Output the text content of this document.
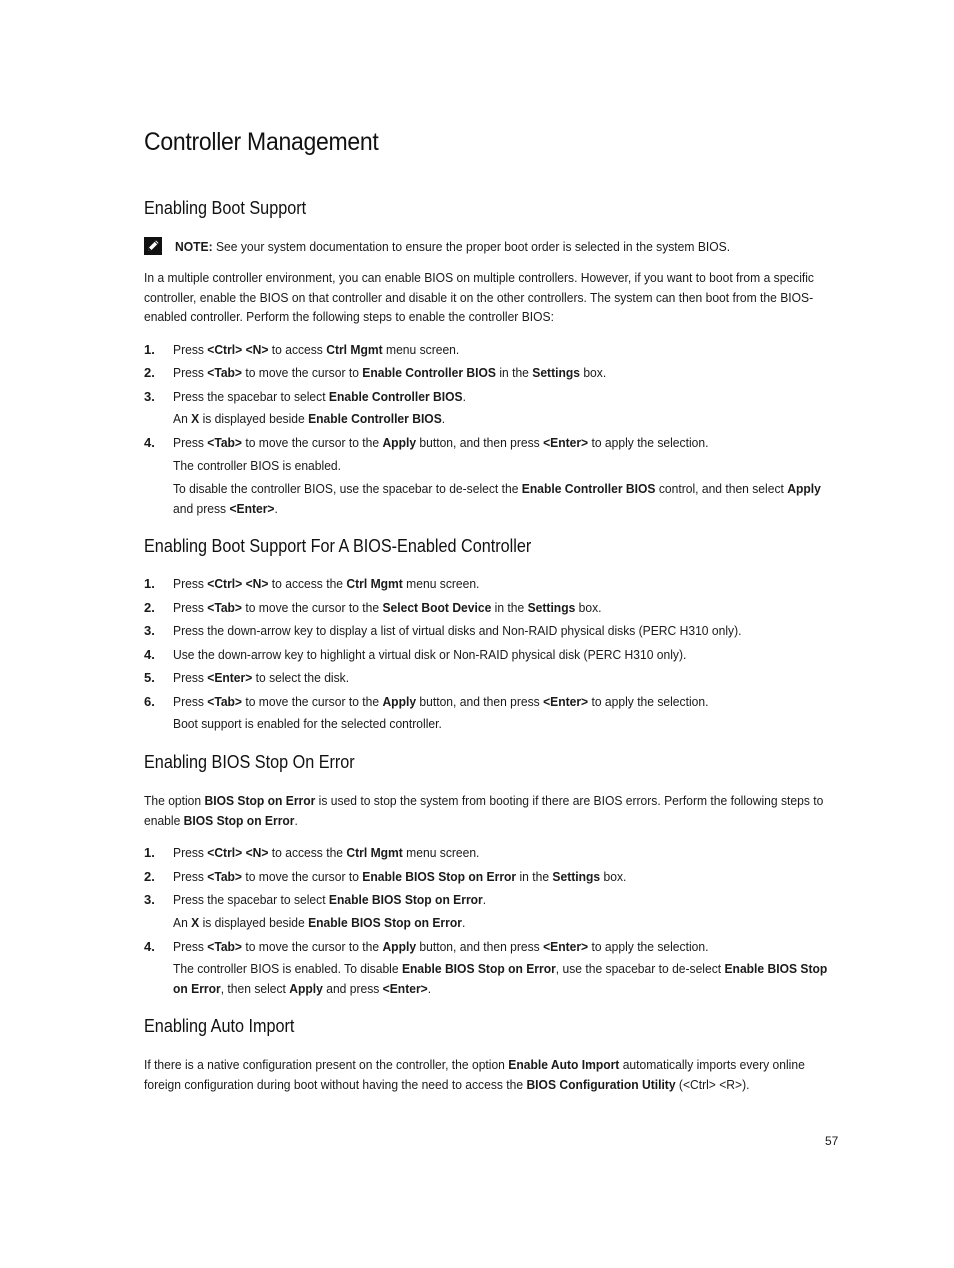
Controller Management
Enabling Boot Support
NOTE: See your system documentation to ensure the proper boot order is selected in the system BIOS.
In a multiple controller environment, you can enable BIOS on multiple controllers. However, if you want to boot from a specific controller, enable the BIOS on that controller and disable it on the other controllers. The system can then boot from the BIOS-enabled controller. Perform the following steps to enable the controller BIOS:
1. Press <Ctrl> <N> to access Ctrl Mgmt menu screen.
2. Press <Tab> to move the cursor to Enable Controller BIOS in the Settings box.
3. Press the spacebar to select Enable Controller BIOS.
An X is displayed beside Enable Controller BIOS.
4. Press <Tab> to move the cursor to the Apply button, and then press <Enter> to apply the selection.
The controller BIOS is enabled.
To disable the controller BIOS, use the spacebar to de-select the Enable Controller BIOS control, and then select Apply and press <Enter>.
Enabling Boot Support For A BIOS-Enabled Controller
1. Press <Ctrl> <N> to access the Ctrl Mgmt menu screen.
2. Press <Tab> to move the cursor to the Select Boot Device in the Settings box.
3. Press the down-arrow key to display a list of virtual disks and Non-RAID physical disks (PERC H310 only).
4. Use the down-arrow key to highlight a virtual disk or Non-RAID physical disk (PERC H310 only).
5. Press <Enter> to select the disk.
6. Press <Tab> to move the cursor to the Apply button, and then press <Enter> to apply the selection.
Boot support is enabled for the selected controller.
Enabling BIOS Stop On Error
The option BIOS Stop on Error is used to stop the system from booting if there are BIOS errors. Perform the following steps to enable BIOS Stop on Error.
1. Press <Ctrl> <N> to access the Ctrl Mgmt menu screen.
2. Press <Tab> to move the cursor to Enable BIOS Stop on Error in the Settings box.
3. Press the spacebar to select Enable BIOS Stop on Error.
An X is displayed beside Enable BIOS Stop on Error.
4. Press <Tab> to move the cursor to the Apply button, and then press <Enter> to apply the selection.
The controller BIOS is enabled. To disable Enable BIOS Stop on Error, use the spacebar to de-select Enable BIOS Stop on Error, then select Apply and press <Enter>.
Enabling Auto Import
If there is a native configuration present on the controller, the option Enable Auto Import automatically imports every online foreign configuration during boot without having the need to access the BIOS Configuration Utility (<Ctrl> <R>).
57
